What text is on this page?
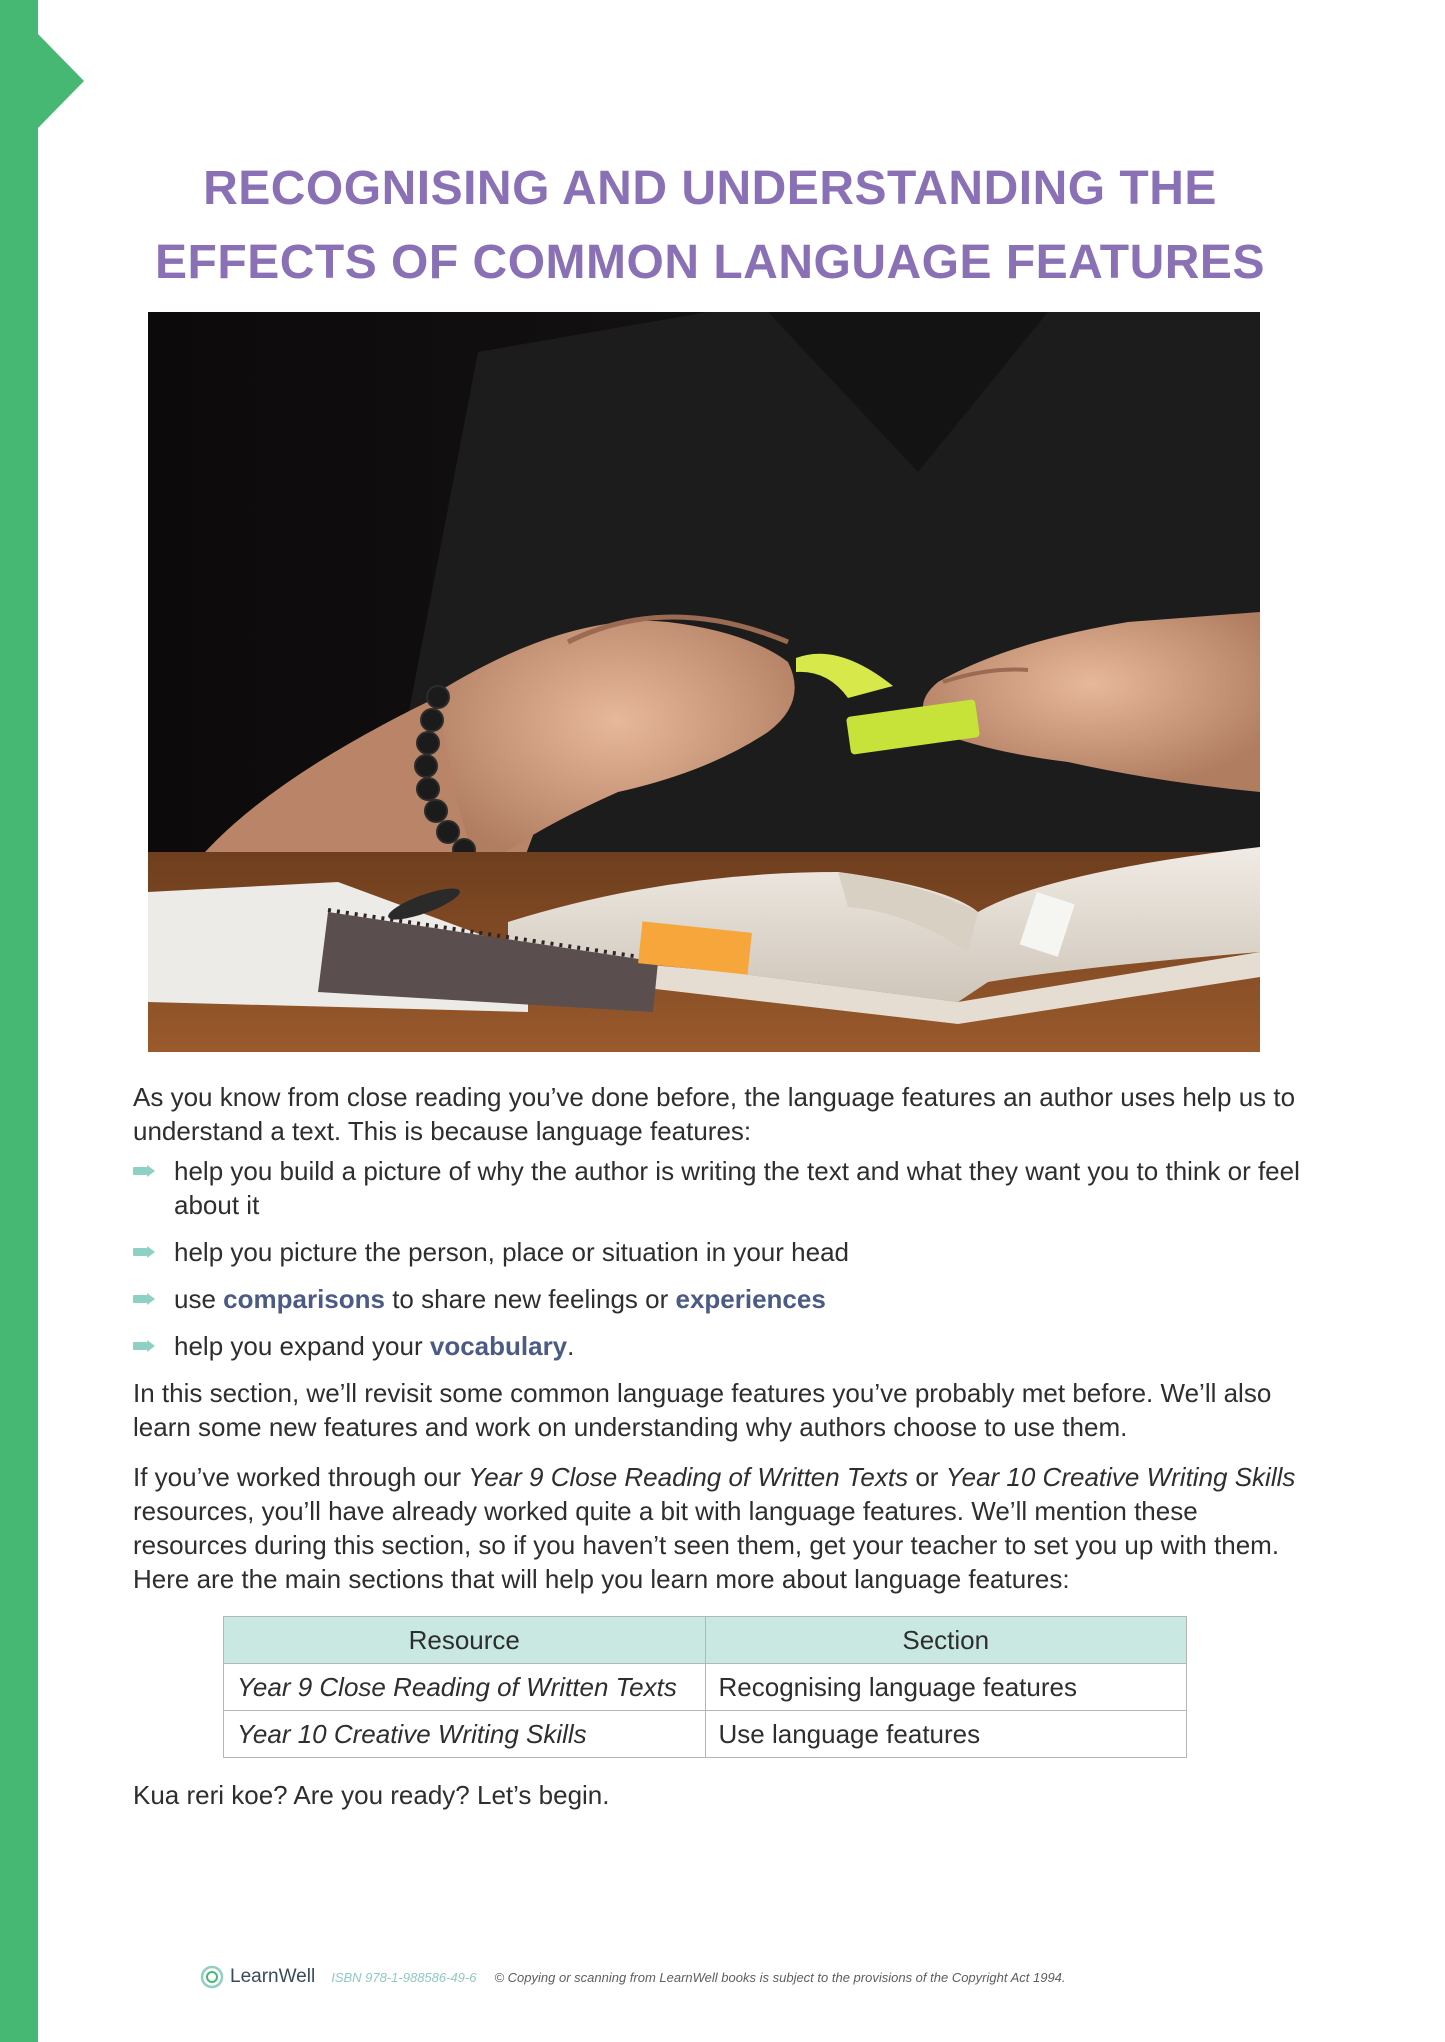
RECOGNISING AND UNDERSTANDING THE
EFFECTS OF COMMON LANGUAGE FEATURES

As you know from close reading you’ve done before, the language features an author uses help us to understand a text. This is because language features:

help you build a picture of why the author is writing the text and what they want you to think or feel about it
help you picture the person, place or situation in your head
use comparisons to share new feelings or experiences
help you expand your vocabulary.

In this section, we’ll revisit some common language features you’ve probably met before. We’ll also learn some new features and work on understanding why authors choose to use them.

If you’ve worked through our Year 9 Close Reading of Written Texts or Year 10 Creative Writing Skills resources, you’ll have already worked quite a bit with language features. We’ll mention these resources during this section, so if you haven’t seen them, get your teacher to set you up with them. Here are the main sections that will help you learn more about language features:

Resource	Section
Year 9 Close Reading of Written Texts	Recognising language features
Year 10 Creative Writing Skills	Use language features

Kua reri koe? Are you ready? Let’s begin.

LearnWell ISBN 978-1-988586-49-6 © Copying or scanning from LearnWell books is subject to the provisions of the Copyright Act 1994.
